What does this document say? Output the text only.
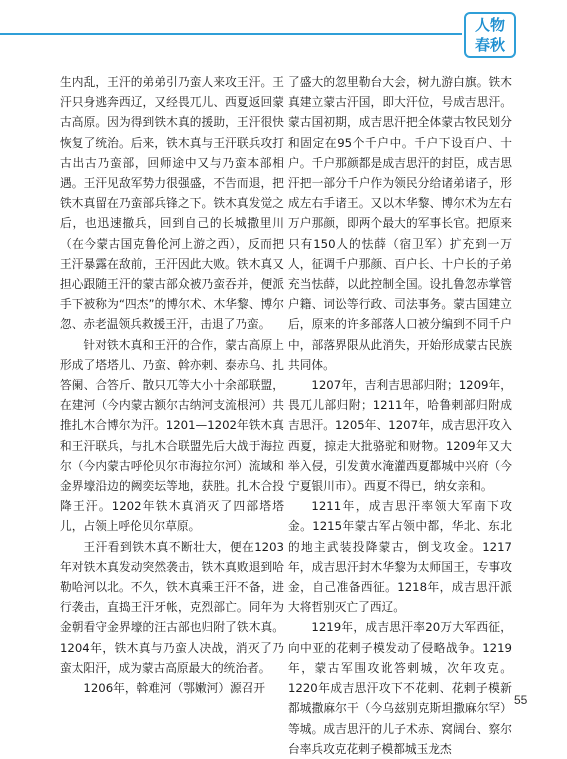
人物
春秋

生内乱，王汗的弟弟引乃蛮人来攻王汗。王汗只身逃奔西辽，又经畏兀儿、西夏返回蒙古高原。因为得到铁木真的援助，王汗很快恢复了统治。后来，铁木真与王汗联兵攻打古出古乃蛮部，回师途中又与乃蛮本部相遇。王汗见敌军势力很强盛，不告而退，把铁木真留在乃蛮部兵锋之下。铁木真发觉之后，也迅速撤兵，回到自己的长城撒里川（在今蒙古国克鲁伦河上游之西），反而把王汗暴露在敌前，王汗因此大败。铁木真又担心跟随王汗的蒙古部众被乃蛮吞并，便派手下被称为“四杰”的博尔术、木华黎、博尔忽、赤老温领兵救援王汗，击退了乃蛮。

针对铁木真和王汗的合作，蒙古高原上形成了塔塔儿、乃蛮、斡亦剌、泰赤乌、扎答阑、合答斤、散只兀等大小十余部联盟，在建河（今内蒙古额尔古纳河支流根河）共推扎木合博尔为汗。1201—1202年铁木真和王汗联兵，与扎木合联盟先后大战于海拉尔（今内蒙古呼伦贝尔市海拉尔河）流域和金界壕沿边的阙奕坛等地，获胜。扎木合投降王汗。1202年铁木真消灭了四部塔塔儿，占领上呼伦贝尔草原。

王汗看到铁木真不断壮大，便在1203年对铁木真发动突然袭击，铁木真败退到哈勒哈河以北。不久，铁木真乘王汗不备，进行袭击，直捣王汗牙帐，克烈部亡。同年为金朝看守金界壕的汪古部也归附了铁木真。1204年，铁木真与乃蛮人决战，消灭了乃蛮太阳汗，成为蒙古高原最大的统治者。

1206年，斡难河（鄂嫩河）源召开

了盛大的忽里勒台大会，树九游白旗。铁木真建立蒙古汗国，即大汗位，号成吉思汗。蒙古国初期，成吉思汗把全体蒙古牧民划分和固定在95个千户中。千户下设百户、十户。千户那颜都是成吉思汗的封臣，成吉思汗把一部分千户作为领民分给诸弟诸子，形成左右手诸王。又以木华黎、博尔术为左右万户那颜，即两个最大的军事长官。把原来只有150人的怯薛（宿卫军）扩充到一万人，征调千户那颜、百户长、十户长的子弟充当怯薛，以此控制全国。设扎鲁忽赤掌管户籍、词讼等行政、司法事务。蒙古国建立后，原来的许多部落人口被分编到不同千户中，部落界限从此消失，开始形成蒙古民族共同体。

1207年，吉利吉思部归附；1209年，畏兀儿部归附；1211年，哈鲁剌部归附成吉思汗。1205年、1207年，成吉思汗攻入西夏，掠走大批骆驼和财物。1209年又大举入侵，引发黄水淹灌西夏都城中兴府（今宁夏银川市）。西夏不得已，纳女亲和。

1211年，成吉思汗率领大军南下攻金。1215年蒙古军占领中都，华北、东北的地主武装投降蒙古，倒戈攻金。1217年，成吉思汗封木华黎为太师国王，专事攻金，自己准备西征。1218年，成吉思汗派大将哲别灭亡了西辽。

1219年，成吉思汗率20万大军西征，向中亚的花剌子模发动了侵略战争。1219年，蒙古军围攻讹答剌城，次年攻克。1220年成吉思汗攻下不花剌、花剌子模新都城撒麻尔干（今乌兹别克斯坦撒麻尔罕）等城。成吉思汗的儿子术赤、窝阔台、察尔台率兵攻克花剌子模都城玉龙杰

55
